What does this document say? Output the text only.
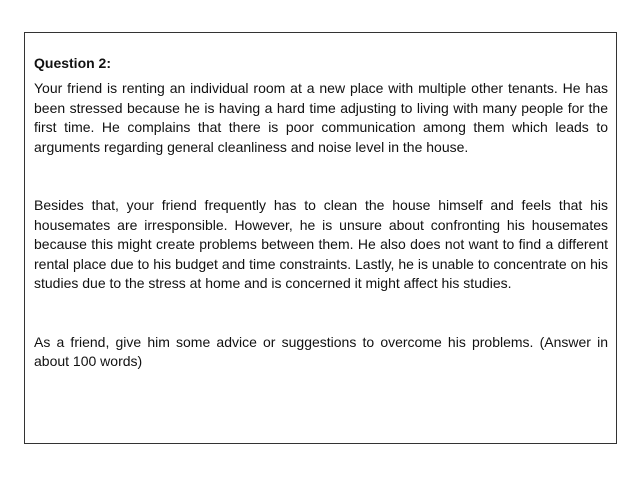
Question 2:

Your friend is renting an individual room at a new place with multiple other tenants. He has been stressed because he is having a hard time adjusting to living with many people for the first time. He complains that there is poor communication among them which leads to arguments regarding general cleanliness and noise level in the house.

Besides that, your friend frequently has to clean the house himself and feels that his housemates are irresponsible. However, he is unsure about confronting his housemates because this might create problems between them. He also does not want to find a different rental place due to his budget and time constraints. Lastly, he is unable to concentrate on his studies due to the stress at home and is concerned it might affect his studies.

As a friend, give him some advice or suggestions to overcome his problems. (Answer in about 100 words)
